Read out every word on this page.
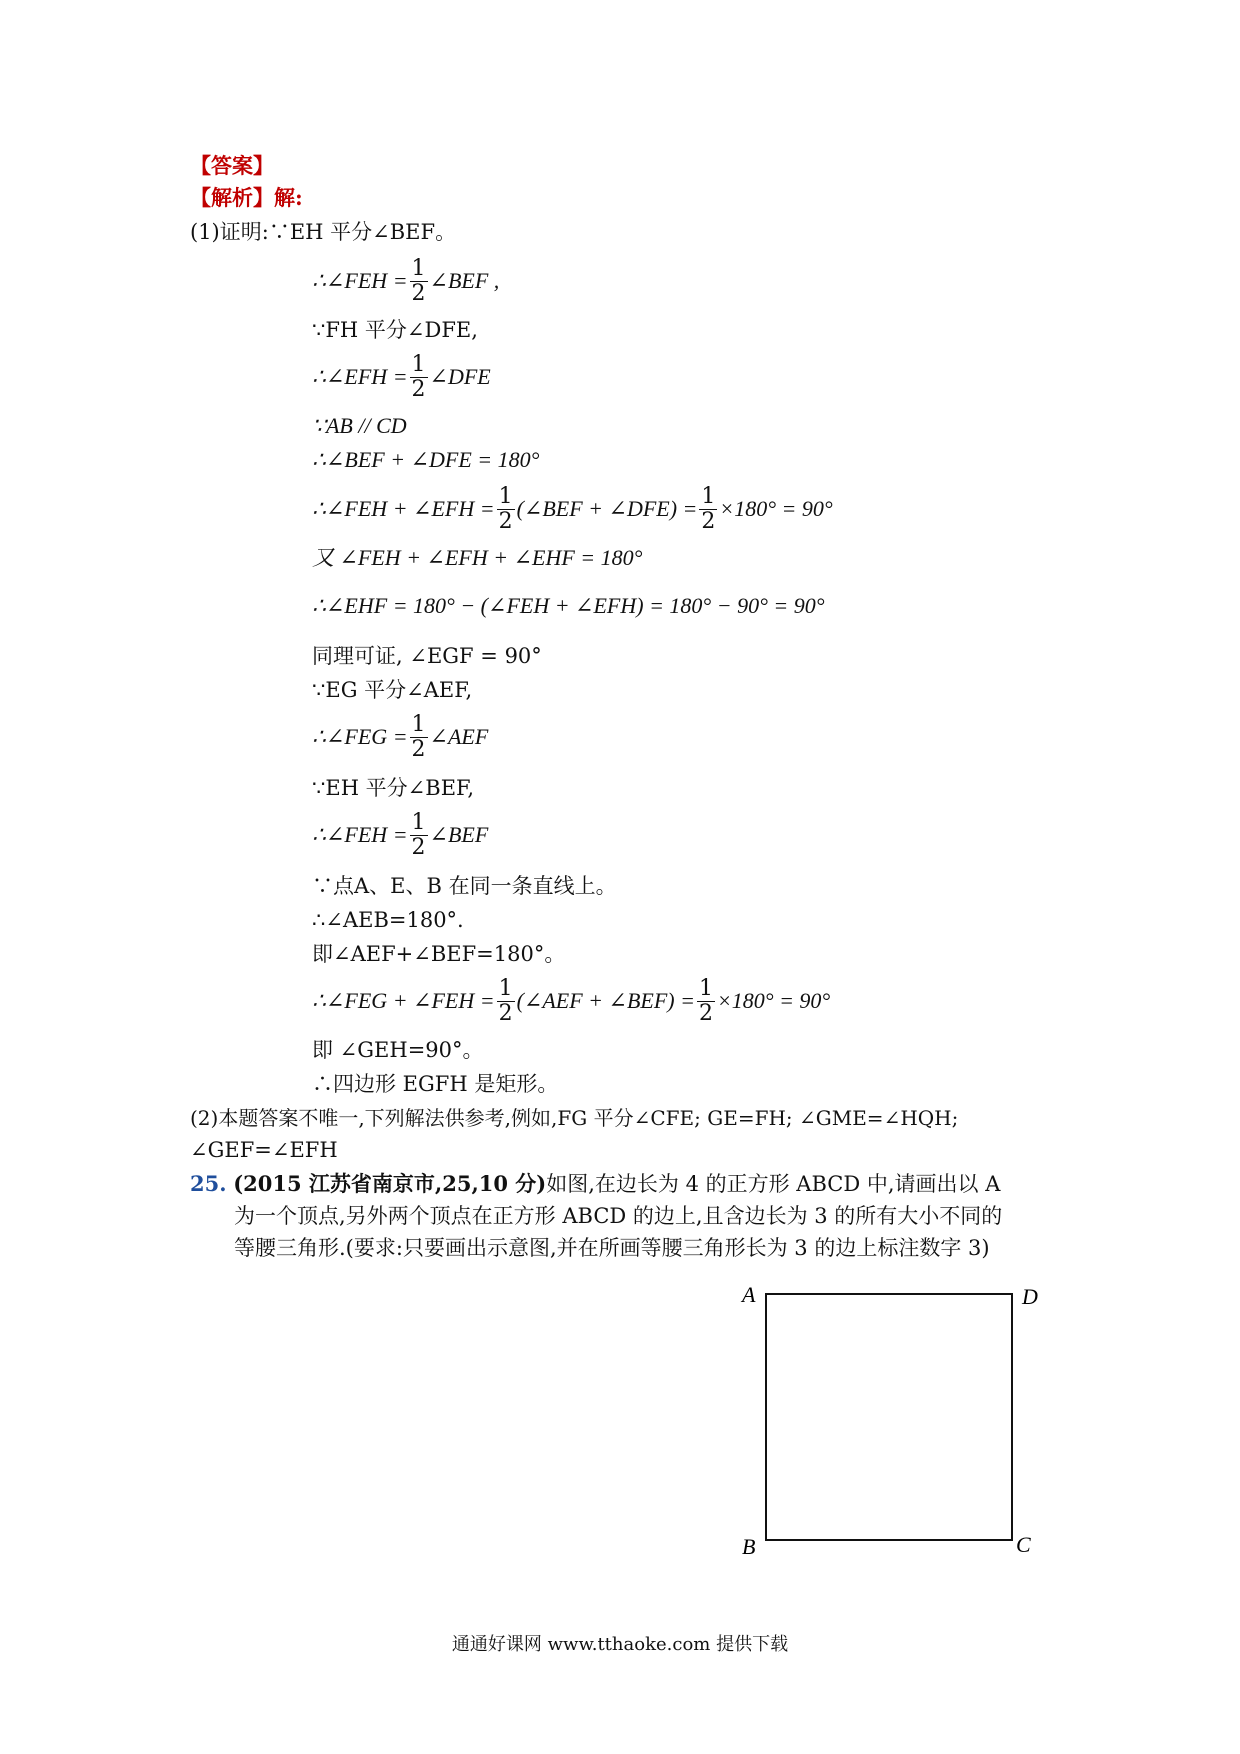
【答案】
【解析】解:
(1)证明:∵EH 平分∠BEF。
∴∠FEH = $\frac{1}{2}$ ∠BEF ,
∵FH 平分∠DFE,
∴∠EFH = $\frac{1}{2}$ ∠DFE
∵AB // CD
∴∠BEF + ∠DFE = 180°
∴∠FEH + ∠EFH = $\frac{1}{2}$ (∠BEF + ∠DFE) = $\frac{1}{2} \times 180^\circ = 90^\circ$
又 ∠FEH + ∠EFH + ∠EHF = 180°
∴∠EHF = 180° − (∠FEH + ∠EFH) = 180° − 90° = 90°
同理可证, ∠EGF = 90°
∵EG 平分∠AEF,
∴∠FEG = $\frac{1}{2}$ ∠AEF
∵EH 平分∠BEF,
∴∠FEH = $\frac{1}{2}$ ∠BEF
∵点A、E、B 在同一条直线上。
∴∠AEB=180°.
即∠AEF+∠BEF=180°。
∴∠FEG + ∠FEH = $\frac{1}{2}$ (∠AEF + ∠BEF) = $\frac{1}{2} \times 180^\circ = 90^\circ$
即 ∠GEH=90°。
∴四边形 EGFH 是矩形。
(2)本题答案不唯一,下列解法供参考,例如,FG 平分∠CFE; GE=FH; ∠GME=∠HQH;
∠GEF=∠EFH
25. (2015 江苏省南京市,25,10 分)如图,在边长为 4 的正方形 ABCD 中,请画出以 A
为一个顶点,另外两个顶点在正方形 ABCD 的边上,且含边长为 3 的所有大小不同的
等腰三角形.(要求:只要画出示意图,并在所画等腰三角形长为 3 的边上标注数字 3)
A	D
B	C
通通好课网 www.tthaoke.com 提供下载
